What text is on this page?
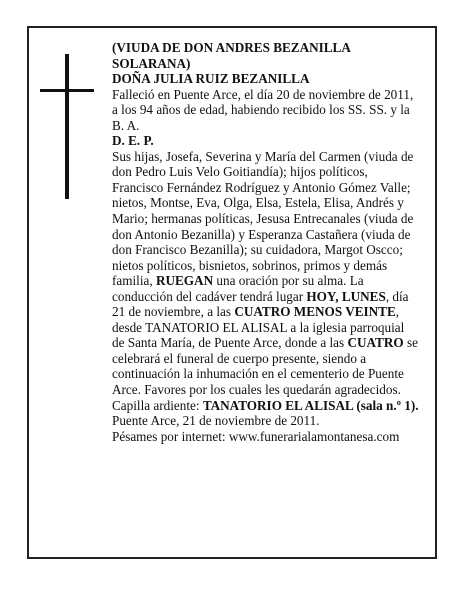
(VIUDA DE DON ANDRES BEZANILLA SOLARANA)

DOÑA JULIA RUIZ BEZANILLA

Falleció en Puente Arce, el día 20 de noviembre de 2011, a los 94 años de edad, habiendo recibido los SS. SS. y la B. A.

D. E. P.

Sus hijas, Josefa, Severina y María del Carmen (viuda de don Pedro Luis Velo Goitiandía); hijos políticos, Francisco Fernández Rodríguez y Antonio Gómez Valle; nietos, Montse, Eva, Olga, Elsa, Estela, Elisa, Andrés y Mario; hermanas políticas, Jesusa Entrecanales (viuda de don Antonio Bezanilla) y Esperanza Castañera (viuda de don Francisco Bezanilla); su cuidadora, Margot Oscco; nietos políticos, bisnietos, sobrinos, primos y demás familia, RUEGAN una oración por su alma. La conducción del cadáver tendrá lugar HOY, LUNES, día 21 de noviembre, a las CUATRO MENOS VEINTE, desde TANATORIO EL ALISAL a la iglesia parroquial de Santa María, de Puente Arce, donde a las CUATRO se celebrará el funeral de cuerpo presente, siendo a continuación la inhumación en el cementerio de Puente Arce. Favores por los cuales les quedarán agradecidos.

Capilla ardiente: TANATORIO EL ALISAL (sala n.º 1).

Puente Arce, 21 de noviembre de 2011.

Pésames por internet: www.funerarialamontanesa.com
